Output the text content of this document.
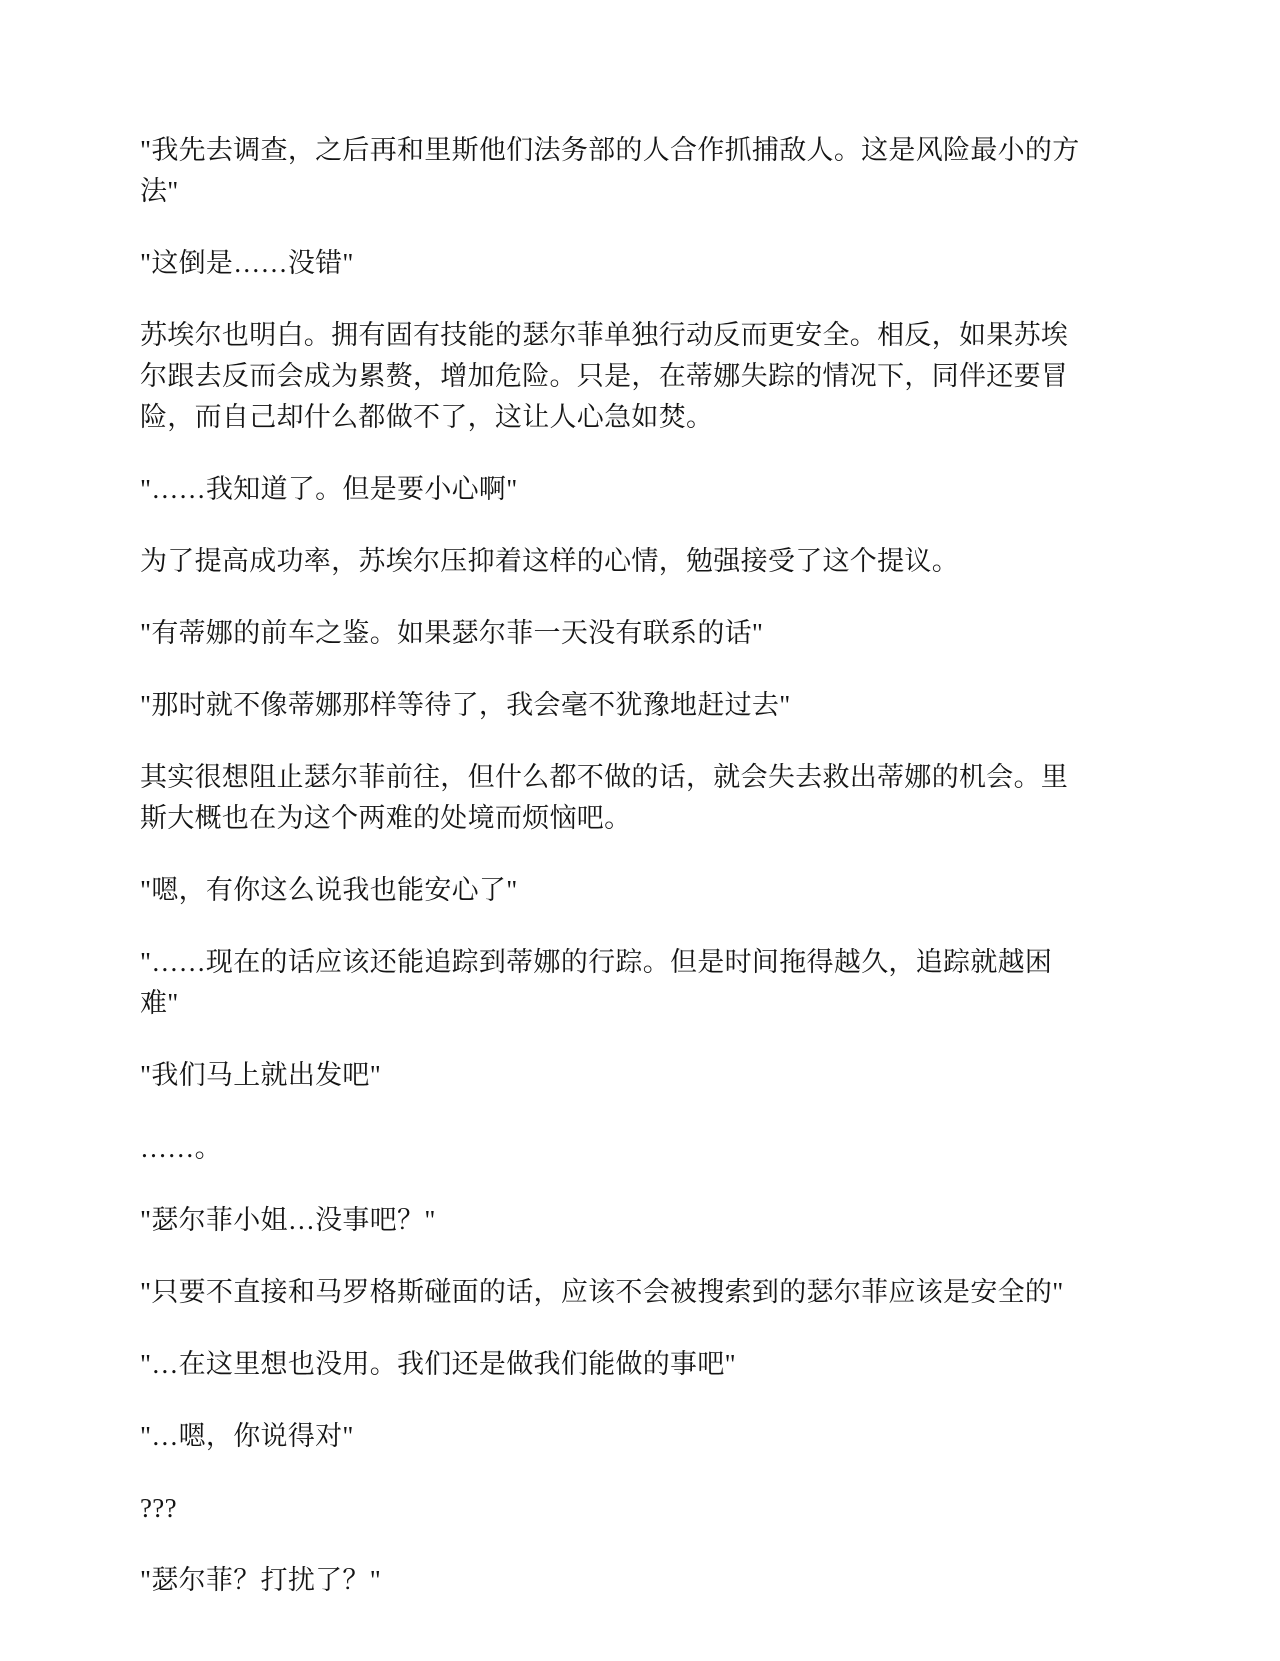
"我先去调查，之后再和里斯他们法务部的人合作抓捕敌人。这是风险最小的方法"

"这倒是……没错"

苏埃尔也明白。拥有固有技能的瑟尔菲单独行动反而更安全。相反，如果苏埃尔跟去反而会成为累赘，增加危险。只是，在蒂娜失踪的情况下，同伴还要冒险，而自己却什么都做不了，这让人心急如焚。

"……我知道了。但是要小心啊"

为了提高成功率，苏埃尔压抑着这样的心情，勉强接受了这个提议。

"有蒂娜的前车之鉴。如果瑟尔菲一天没有联系的话"

"那时就不像蒂娜那样等待了，我会毫不犹豫地赶过去"

其实很想阻止瑟尔菲前往，但什么都不做的话，就会失去救出蒂娜的机会。里斯大概也在为这个两难的处境而烦恼吧。

"嗯，有你这么说我也能安心了"

"……现在的话应该还能追踪到蒂娜的行踪。但是时间拖得越久，追踪就越困难"

"我们马上就出发吧"

……。

"瑟尔菲小姐…没事吧？"

"只要不直接和马罗格斯碰面的话，应该不会被搜索到的瑟尔菲应该是安全的"

"…在这里想也没用。我们还是做我们能做的事吧"

"…嗯，你说得对"

???

"瑟尔菲？打扰了？"
